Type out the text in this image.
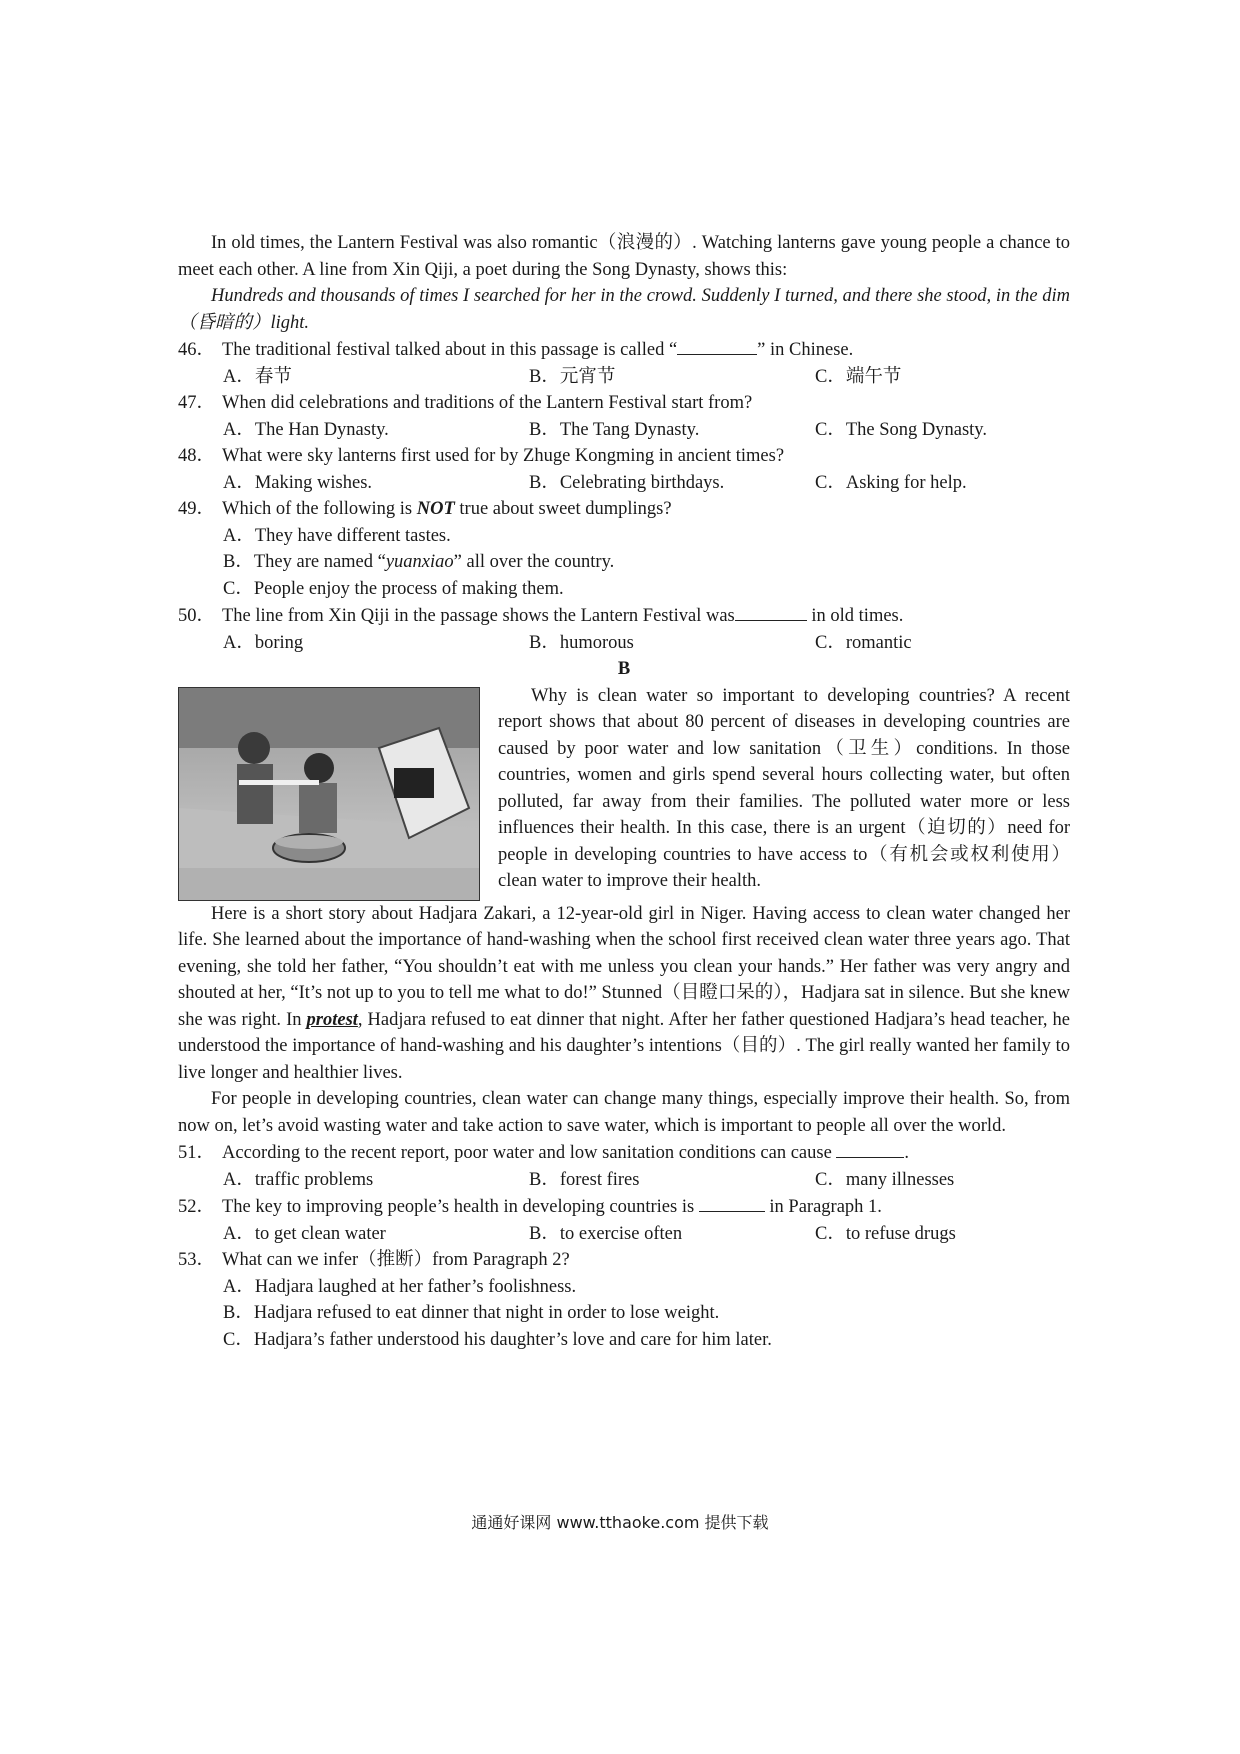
In old times, the Lantern Festival was also romantic（浪漫的）. Watching lanterns gave young people a chance to meet each other. A line from Xin Qiji, a poet during the Song Dynasty, shows this:

Hundreds and thousands of times I searched for her in the crowd. Suddenly I turned, and there she stood, in the dim（昏暗的）light.

46． The traditional festival talked about in this passage is called “	” in Chinese.
A．春节	B．元宵节	C．端午节
47． When did celebrations and traditions of the Lantern Festival start from?
A．The Han Dynasty.	B．The Tang Dynasty.	C．The Song Dynasty.
48． What were sky lanterns first used for by Zhuge Kongming in ancient times?
A．Making wishes.	B．Celebrating birthdays.	C．Asking for help.
49． Which of the following is NOT true about sweet dumplings?
A．They have different tastes.
B．They are named “yuanxiao” all over the country.
C．People enjoy the process of making them.
50． The line from Xin Qiji in the passage shows the Lantern Festival was	in old times.
A．boring	B．humorous	C．romantic

B

Why is clean water so important to developing countries? A recent report shows that about 80 percent of diseases in developing countries are caused by poor water and low sanitation（卫生）conditions. In those countries, women and girls spend several hours collecting water, but often polluted, far away from their families. The polluted water more or less influences their health. In this case, there is an urgent（迫切的）need for people in developing countries to have access to（有机会或权利使用）clean water to improve their health.

Here is a short story about Hadjara Zakari, a 12-year-old girl in Niger. Having access to clean water changed her life. She learned about the importance of hand-washing when the school first received clean water three years ago. That evening, she told her father, “You shouldn’t eat with me unless you clean your hands.” Her father was very angry and shouted at her, “It’s not up to you to tell me what to do!” Stunned（目瞪口呆的），Hadjara sat in silence. But she knew she was right. In protest, Hadjara refused to eat dinner that night. After her father questioned Hadjara’s head teacher, he understood the importance of hand-washing and his daughter’s intentions（目的）. The girl really wanted her family to live longer and healthier lives.

For people in developing countries, clean water can change many things, especially improve their health. So, from now on, let’s avoid wasting water and take action to save water, which is important to people all over the world.

51． According to the recent report, poor water and low sanitation conditions can cause	.
A．traffic problems	B．forest fires	C．many illnesses
52． The key to improving people’s health in developing countries is	in Paragraph 1.
A．to get clean water	B．to exercise often	C．to refuse drugs
53． What can we infer（推断）from Paragraph 2?
A．Hadjara laughed at her father’s foolishness.
B．Hadjara refused to eat dinner that night in order to lose weight.
C．Hadjara’s father understood his daughter’s love and care for him later.
通通好课网 www.tthaoke.com 提供下载
